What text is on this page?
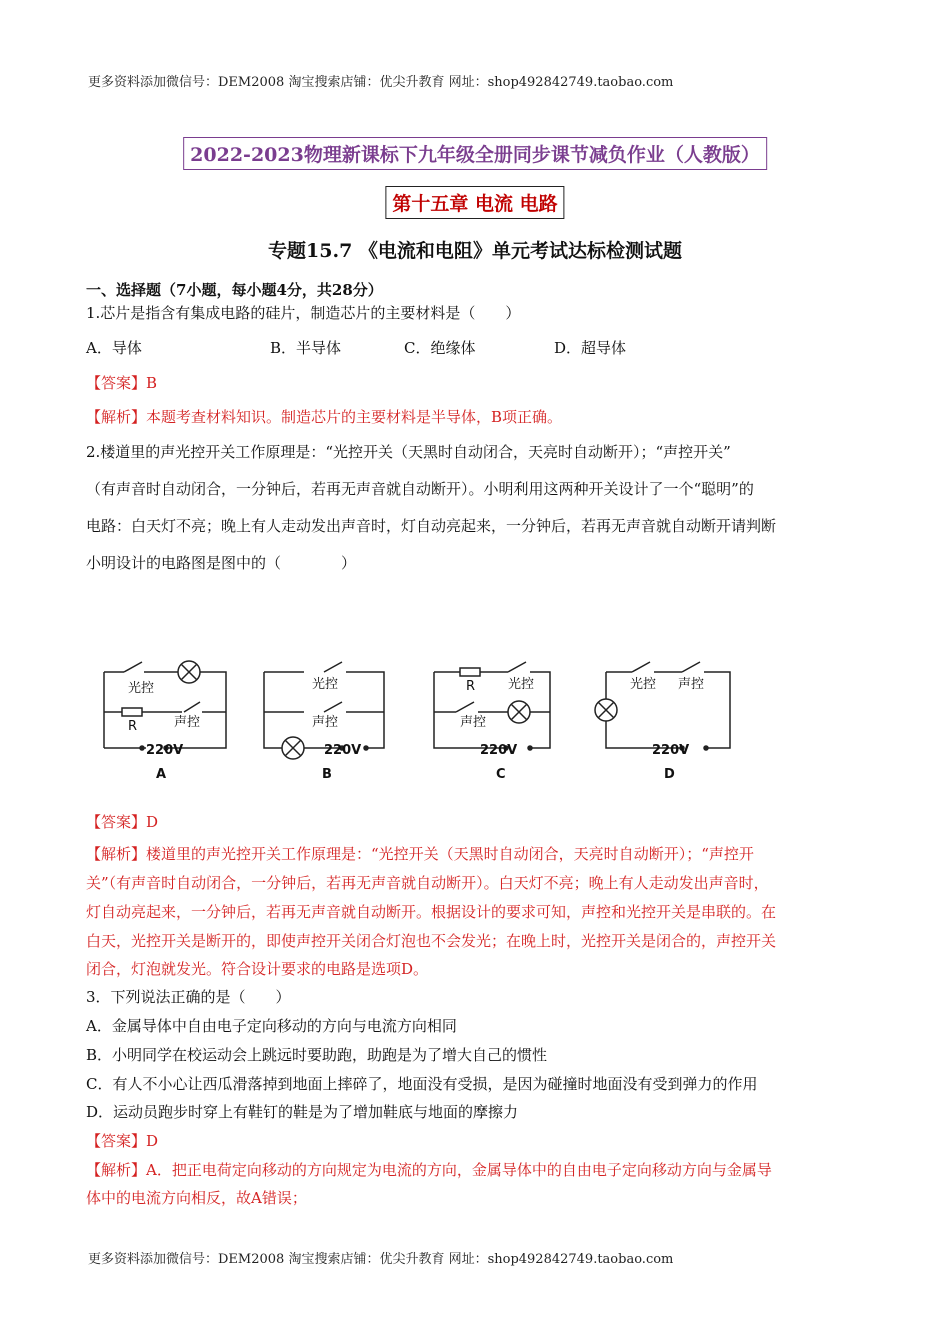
更多资料添加微信号：DEM2008 淘宝搜索店铺：优尖升教育 网址：shop492842749.taobao.com
2022-2023物理新课标下九年级全册同步课节减负作业（人教版）
第十五章 电流 电路
专题15.7 《电流和电阻》单元考试达标检测试题
一、选择题（7小题，每小题4分，共28分）
1.芯片是指含有集成电路的硅片，制造芯片的主要材料是（　　）
A．导体	B．半导体	C．绝缘体	D．超导体
【答案】B
【解析】本题考查材料知识。制造芯片的主要材料是半导体，B项正确。
2.楼道里的声光控开关工作原理是：“光控开关（天黑时自动闭合，天亮时自动断开）；“声控开关”
（有声音时自动闭合，一分钟后，若再无声音就自动断开）。小明利用这两种开关设计了一个“聪明”的
电路：白天灯不亮；晚上有人走动发出声音时，灯自动亮起来，一分钟后，若再无声音就自动断开请判断
小明设计的电路图是图中的（　　　　）
光控
R	声控
220V
A
光控
声控
220V
B
R	光控
声控
220V
C
光控 声控
220V
D
【答案】D
【解析】楼道里的声光控开关工作原理是：“光控开关（天黑时自动闭合，天亮时自动断开）；“声控开
关”（有声音时自动闭合，一分钟后，若再无声音就自动断开）。白天灯不亮；晚上有人走动发出声音时，
灯自动亮起来，一分钟后，若再无声音就自动断开。根据设计的要求可知，声控和光控开关是串联的。在
白天，光控开关是断开的，即使声控开关闭合灯泡也不会发光；在晚上时，光控开关是闭合的，声控开关
闭合，灯泡就发光。符合设计要求的电路是选项D。
3．下列说法正确的是（　　）
A．金属导体中自由电子定向移动的方向与电流方向相同
B．小明同学在校运动会上跳远时要助跑，助跑是为了增大自己的惯性
C．有人不小心让西瓜滑落掉到地面上摔碎了，地面没有受损，是因为碰撞时地面没有受到弹力的作用
D．运动员跑步时穿上有鞋钉的鞋是为了增加鞋底与地面的摩擦力
【答案】D
【解析】A．把正电荷定向移动的方向规定为电流的方向，金属导体中的自由电子定向移动方向与金属导
体中的电流方向相反，故A错误；
更多资料添加微信号：DEM2008 淘宝搜索店铺：优尖升教育 网址：shop492842749.taobao.com
